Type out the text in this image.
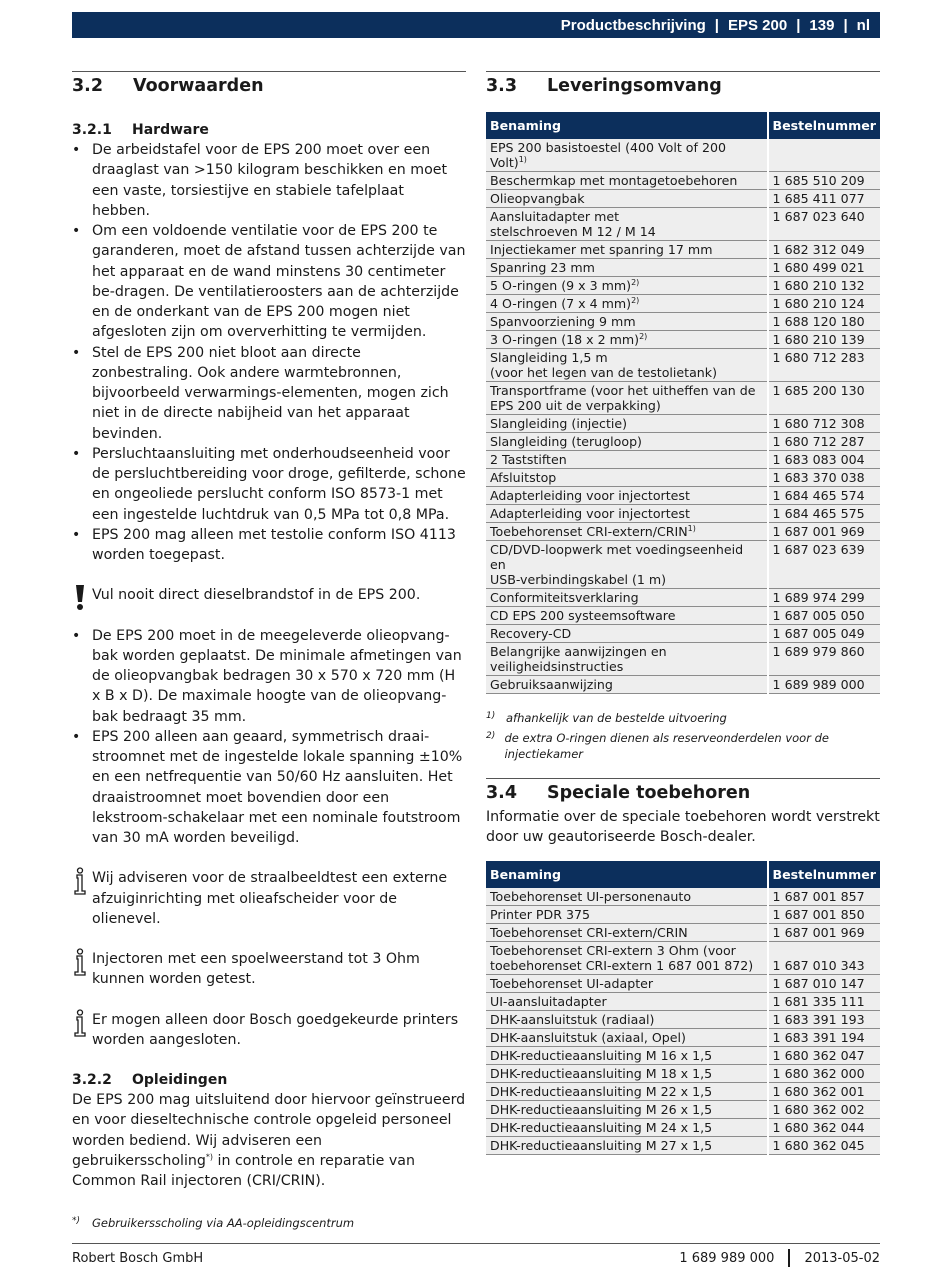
Productbeschrijving | EPS 200 | 139 | nl
3.2	Voorwaarden
3.2.1	Hardware
• De arbeidstafel voor de EPS 200 moet over een draaglast van >150 kilogram beschikken en moet een vaste, torsiestijve en stabiele tafelplaat hebben.
• Om een voldoende ventilatie voor de EPS 200 te garanderen, moet de afstand tussen achterzijde van het apparaat en de wand minstens 30 centimeter be-dragen. De ventilatieroosters aan de achterzijde en de onderkant van de EPS 200 mogen niet afgesloten zijn om oververhitting te vermijden.
• Stel de EPS 200 niet bloot aan directe zonbestraling. Ook andere warmtebronnen, bijvoorbeeld verwarmings-elementen, mogen zich niet in de directe nabijheid van het apparaat bevinden.
• Persluchtaansluiting met onderhoudseenheid voor de persluchtbereiding voor droge, gefilterde, schone en ongeoliede perslucht conform ISO 8573-1 met een ingestelde luchtdruk van 0,5 MPa tot 0,8 MPa.
• EPS 200 mag alleen met testolie conform ISO 4113 worden toegepast.
Vul nooit direct dieselbrandstof in de EPS 200.
• De EPS 200 moet in de meegeleverde olieopvang-bak worden geplaatst. De minimale afmetingen van de olieopvangbak bedragen 30 x 570 x 720 mm (H x B x D). De maximale hoogte van de olieopvang-bak bedraagt 35 mm.
• EPS 200 alleen aan geaard, symmetrisch draai-stroomnet met de ingestelde lokale spanning ±10% en een netfrequentie van 50/60 Hz aansluiten. Het draaistroomnet moet bovendien door een lekstroom-schakelaar met een nominale foutstroom van 30 mA worden beveiligd.
Wij adviseren voor de straalbeeldtest een externe afzuiginrichting met olieafscheider voor de olienevel.
Injectoren met een spoelweerstand tot 3 Ohm kunnen worden getest.
Er mogen alleen door Bosch goedgekeurde printers worden aangesloten.
3.2.2	Opleidingen

De EPS 200 mag uitsluitend door hiervoor geïnstrueerd en voor dieseltechnische controle opgeleid personeel worden bediend. Wij adviseren een gebruikersscholing*) in controle en reparatie van Common Rail injectoren (CRI/CRIN).

*)	Gebruikersscholing via AA-opleidingscentrum
3.3	Leveringsomvang
Benaming	Bestelnummer
EPS 200 basistoestel (400 Volt of 200 Volt)$^{1)}$	
Beschermkap met montagetoebehoren	1 685 510 209
Olieopvangbak	1 685 411 077
Aansluitadapter met
stelschroeven M 12 / M 14	1 687 023 640
Injectiekamer met spanring 17 mm	1 682 312 049
Spanring 23 mm	1 680 499 021
5 O-ringen (9 x 3 mm)$^{2)}$	1 680 210 132
4 O-ringen (7 x 4 mm)$^{2)}$	1 680 210 124
Spanvoorziening 9 mm	1 688 120 180
3 O-ringen (18 x 2 mm)$^{2)}$	1 680 210 139
Slangleiding 1,5 m
(voor het legen van de testolietank)	1 680 712 283
Transportframe (voor het uitheffen van de
EPS 200 uit de verpakking)	1 685 200 130
Slangleiding (injectie)	1 680 712 308
Slangleiding (terugloop)	1 680 712 287
2 Taststiften	1 683 083 004
Afsluitstop	1 683 370 038
Adapterleiding voor injectortest	1 684 465 574
Adapterleiding voor injectortest	1 684 465 575
Toebehorenset CRI-extern/CRIN$^{1)}$	1 687 001 969
CD/DVD-loopwerk met voedingseenheid en
USB-verbindingskabel (1 m)	1 687 023 639
Conformiteitsverklaring	1 689 974 299
CD EPS 200 systeemsoftware	1 687 005 050
Recovery-CD	1 687 005 049
Belangrijke aanwijzingen en
veiligheidsinstructies	1 689 979 860
Gebruiksaanwijzing	1 689 989 000
1) afhankelijk van de bestelde uitvoering
2) de extra O-ringen dienen als reserveonderdelen voor de injectiekamer
3.4	Speciale toebehoren

Informatie over de speciale toebehoren wordt verstrekt door uw geautoriseerde Bosch-dealer.

Benaming	Bestelnummer
Toebehorenset UI-personenauto	1 687 001 857
Printer PDR 375	1 687 001 850
Toebehorenset CRI-extern/CRIN	1 687 001 969
Toebehorenset CRI-extern 3 Ohm (voor
toebehorenset CRI-extern 1 687 001 872)	1 687 010 343
Toebehorenset UI-adapter	1 687 010 147
UI-aansluitadapter	1 681 335 111
DHK-aansluitstuk (radiaal)	1 683 391 193
DHK-aansluitstuk (axiaal, Opel)	1 683 391 194
DHK-reductieaansluiting M 16 x 1,5	1 680 362 047
DHK-reductieaansluiting M 18 x 1,5	1 680 362 000
DHK-reductieaansluiting M 22 x 1,5	1 680 362 001
DHK-reductieaansluiting M 26 x 1,5	1 680 362 002
DHK-reductieaansluiting M 24 x 1,5	1 680 362 044
DHK-reductieaansluiting M 27 x 1,5	1 680 362 045
Robert Bosch GmbH	1 689 989 000 2013-05-02
